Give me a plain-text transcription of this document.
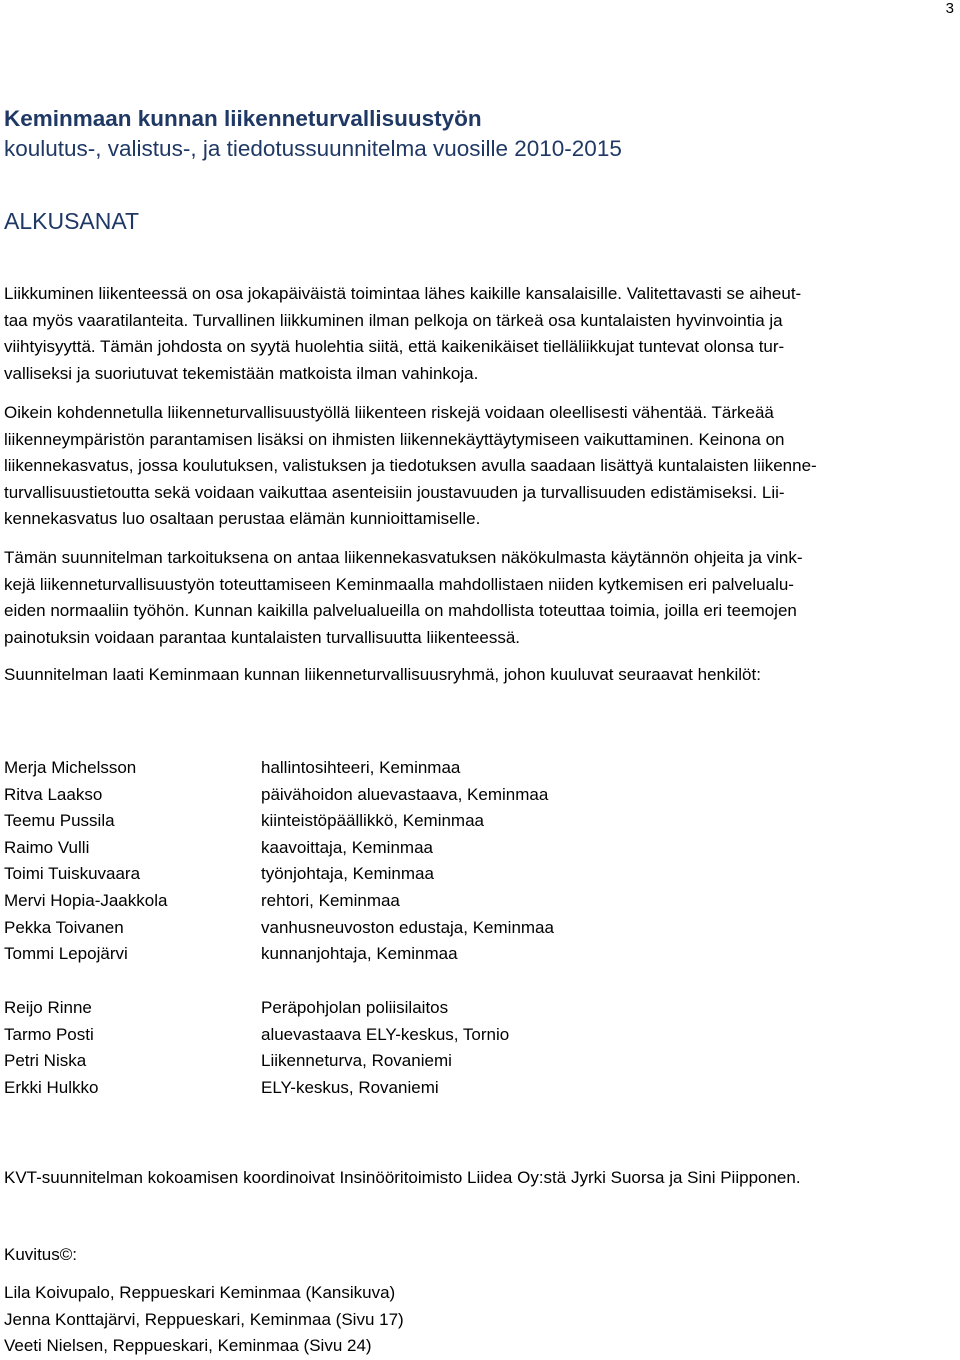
3
Keminmaan kunnan liikenneturvallisuustyön
koulutus-, valistus-, ja tiedotussuunnitelma vuosille 2010-2015
ALKUSANAT
Liikkuminen liikenteessä on osa jokapäiväistä toimintaa lähes kaikille kansalaisille. Valitettavasti se aiheut-
taa myös vaaratilanteita. Turvallinen liikkuminen ilman pelkoja on tärkeä osa kuntalaisten hyvinvointia ja
viihtyisyyttä. Tämän johdosta on syytä huolehtia siitä, että kaikenikäiset tielläliikkujat tuntevat olonsa tur-
valliseksi ja suoriutuvat tekemistään matkoista ilman vahinkoja.
Oikein kohdennetulla liikenneturvallisuustyöllä liikenteen riskejä voidaan oleellisesti vähentää. Tärkeää
liikenneympäristön parantamisen lisäksi on ihmisten liikennekäyttäytymiseen vaikuttaminen. Keinona on
liikennekasvatus, jossa koulutuksen, valistuksen ja tiedotuksen avulla saadaan lisättyä kuntalaisten liikenne-
turvallisuustietoutta sekä voidaan vaikuttaa asenteisiin joustavuuden ja turvallisuuden edistämiseksi. Lii-
kennekasvatus luo osaltaan perustaa elämän kunnioittamiselle.
Tämän suunnitelman tarkoituksena on antaa liikennekasvatuksen näkökulmasta käytännön ohjeita ja vink-
kejä liikenneturvallisuustyön toteuttamiseen Keminmaalla mahdollistaen niiden kytkemisen eri palvelualu-
eiden normaaliin työhön. Kunnan kaikilla palvelualueilla on mahdollista toteuttaa toimia, joilla eri teemojen
painotuksin voidaan parantaa kuntalaisten turvallisuutta liikenteessä.
Suunnitelman laati Keminmaan kunnan liikenneturvallisuusryhmä, johon kuuluvat seuraavat henkilöt:
Merja Michelsson	hallintosihteeri, Keminmaa
Ritva Laakso	päivähoidon aluevastaava, Keminmaa
Teemu Pussila	kiinteistöpäällikkö, Keminmaa
Raimo Vulli	kaavoittaja, Keminmaa
Toimi Tuiskuvaara	työnjohtaja, Keminmaa
Mervi Hopia-Jaakkola	rehtori, Keminmaa
Pekka Toivanen	vanhusneuvoston edustaja, Keminmaa
Tommi Lepojärvi	kunnanjohtaja, Keminmaa
Reijo Rinne	Peräpohjolan poliisilaitos
Tarmo Posti	aluevastaava ELY-keskus, Tornio
Petri Niska	Liikenneturva, Rovaniemi
Erkki Hulkko	ELY-keskus, Rovaniemi
KVT-suunnitelman kokoamisen koordinoivat Insinööritoimisto Liidea Oy:stä Jyrki Suorsa ja Sini Piipponen.
Kuvitus©:
Lila Koivupalo, Reppueskari Keminmaa (Kansikuva)
Jenna Konttajärvi, Reppueskari, Keminmaa (Sivu 17)
Veeti Nielsen, Reppueskari, Keminmaa (Sivu 24)
